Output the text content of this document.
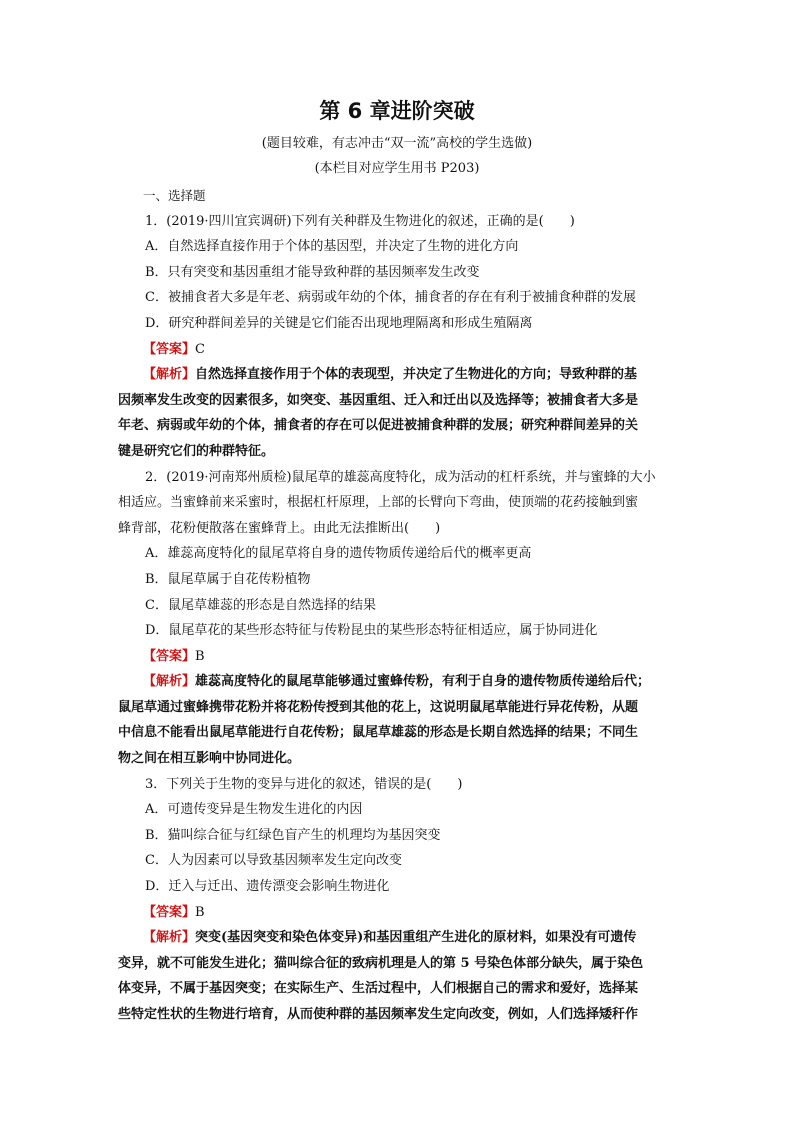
第 6 章进阶突破
(题目较难，有志冲击“双一流”高校的学生选做)
(本栏目对应学生用书 P203)
一、选择题
1．(2019·四川宜宾调研)下列有关种群及生物进化的叙述，正确的是(　　)
A．自然选择直接作用于个体的基因型，并决定了生物的进化方向
B．只有突变和基因重组才能导致种群的基因频率发生改变
C．被捕食者大多是年老、病弱或年幼的个体，捕食者的存在有利于被捕食种群的发展
D．研究种群间差异的关键是它们能否出现地理隔离和形成生殖隔离
【答案】C
【解析】自然选择直接作用于个体的表现型，并决定了生物进化的方向；导致种群的基
因频率发生改变的因素很多，如突变、基因重组、迁入和迁出以及选择等；被捕食者大多是
年老、病弱或年幼的个体，捕食者的存在可以促进被捕食种群的发展；研究种群间差异的关
键是研究它们的种群特征。
2．(2019·河南郑州质检)鼠尾草的雄蕊高度特化，成为活动的杠杆系统，并与蜜蜂的大小
相适应。当蜜蜂前来采蜜时，根据杠杆原理，上部的长臂向下弯曲，使顶端的花药接触到蜜
蜂背部，花粉便散落在蜜蜂背上。由此无法推断出(　　)
A．雄蕊高度特化的鼠尾草将自身的遗传物质传递给后代的概率更高
B．鼠尾草属于自花传粉植物
C．鼠尾草雄蕊的形态是自然选择的结果
D．鼠尾草花的某些形态特征与传粉昆虫的某些形态特征相适应，属于协同进化
【答案】B
【解析】雄蕊高度特化的鼠尾草能够通过蜜蜂传粉，有利于自身的遗传物质传递给后代；
鼠尾草通过蜜蜂携带花粉并将花粉传授到其他的花上，这说明鼠尾草能进行异花传粉，从题
中信息不能看出鼠尾草能进行自花传粉；鼠尾草雄蕊的形态是长期自然选择的结果；不同生
物之间在相互影响中协同进化。
3．下列关于生物的变异与进化的叙述，错误的是(　　)
A．可遗传变异是生物发生进化的内因
B．猫叫综合征与红绿色盲产生的机理均为基因突变
C．人为因素可以导致基因频率发生定向改变
D．迁入与迁出、遗传漂变会影响生物进化
【答案】B
【解析】突变(基因突变和染色体变异)和基因重组产生进化的原材料，如果没有可遗传
变异，就不可能发生进化；猫叫综合征的致病机理是人的第 5 号染色体部分缺失，属于染色
体变异，不属于基因突变；在实际生产、生活过程中，人们根据自己的需求和爱好，选择某
些特定性状的生物进行培育，从而使种群的基因频率发生定向改变，例如，人们选择矮秆作
